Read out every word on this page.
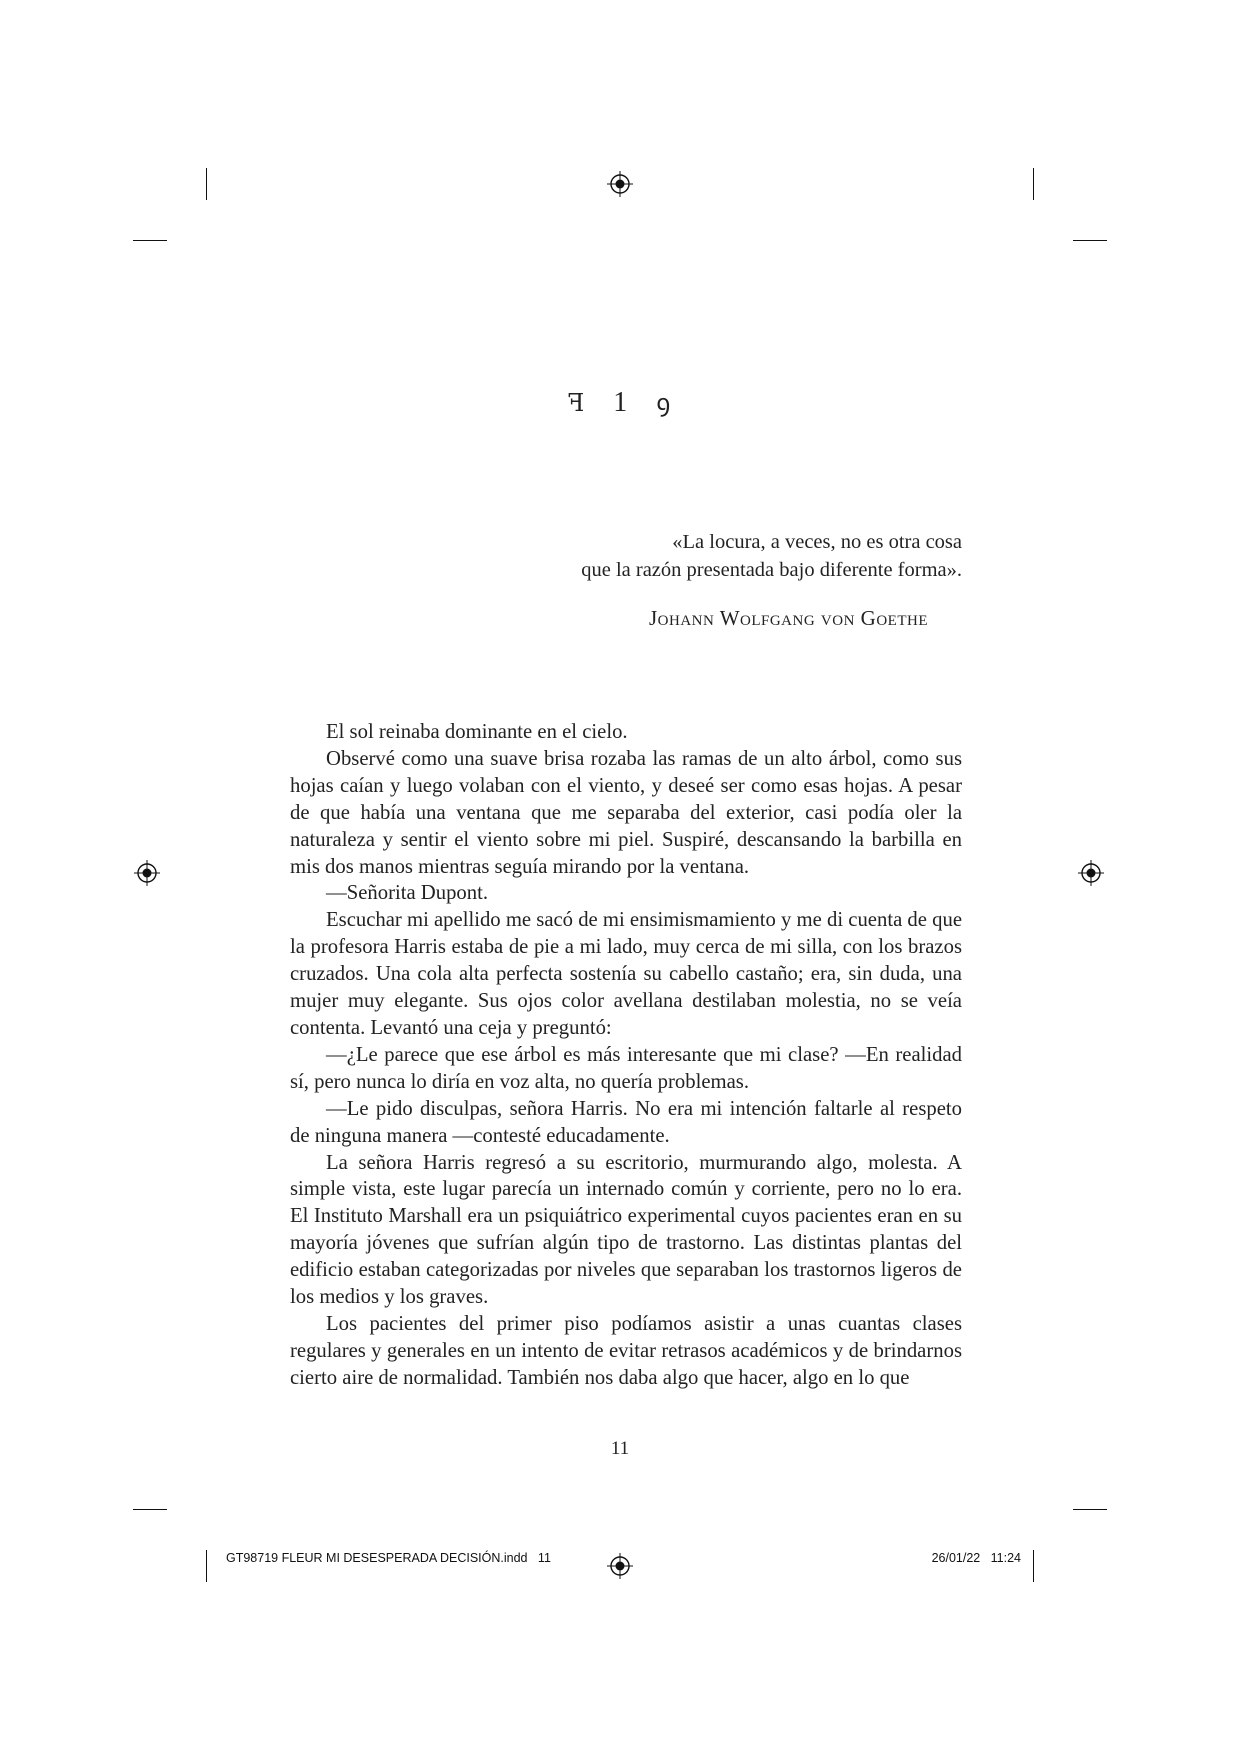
ꟻ 1 ꝯ
«La locura, a veces, no es otra cosa
que la razón presentada bajo diferente forma».
Johann Wolfgang von Goethe

El sol reinaba dominante en el cielo.

Observé como una suave brisa rozaba las ramas de un alto árbol, como sus hojas caían y luego volaban con el viento, y deseé ser como esas hojas. A pesar de que había una ventana que me separaba del exterior, casi podía oler la naturaleza y sentir el viento sobre mi piel. Suspiré, descansando la barbilla en mis dos manos mientras seguía mirando por la ventana.

—Señorita Dupont.

Escuchar mi apellido me sacó de mi ensimismamiento y me di cuenta de que la profesora Harris estaba de pie a mi lado, muy cerca de mi silla, con los brazos cruzados. Una cola alta perfecta sostenía su cabello castaño; era, sin duda, una mujer muy elegante. Sus ojos color avellana destilaban molestia, no se veía contenta. Levantó una ceja y preguntó:

—¿Le parece que ese árbol es más interesante que mi clase? —En realidad sí, pero nunca lo diría en voz alta, no quería problemas.

—Le pido disculpas, señora Harris. No era mi intención faltarle al respeto de ninguna manera —contesté educadamente.

La señora Harris regresó a su escritorio, murmurando algo, molesta. A simple vista, este lugar parecía un internado común y corriente, pero no lo era. El Instituto Marshall era un psiquiátrico experimental cuyos pacientes eran en su mayoría jóvenes que sufrían algún tipo de trastorno. Las distintas plantas del edificio estaban categorizadas por niveles que separaban los trastornos ligeros de los medios y los graves.

Los pacientes del primer piso podíamos asistir a unas cuantas clases regulares y generales en un intento de evitar retrasos académicos y de brindarnos cierto aire de normalidad. También nos daba algo que hacer, algo en lo que

11
GT98719 FLEUR MI DESESPERADA DECISIÓN.indd   11	26/01/22   11:24
